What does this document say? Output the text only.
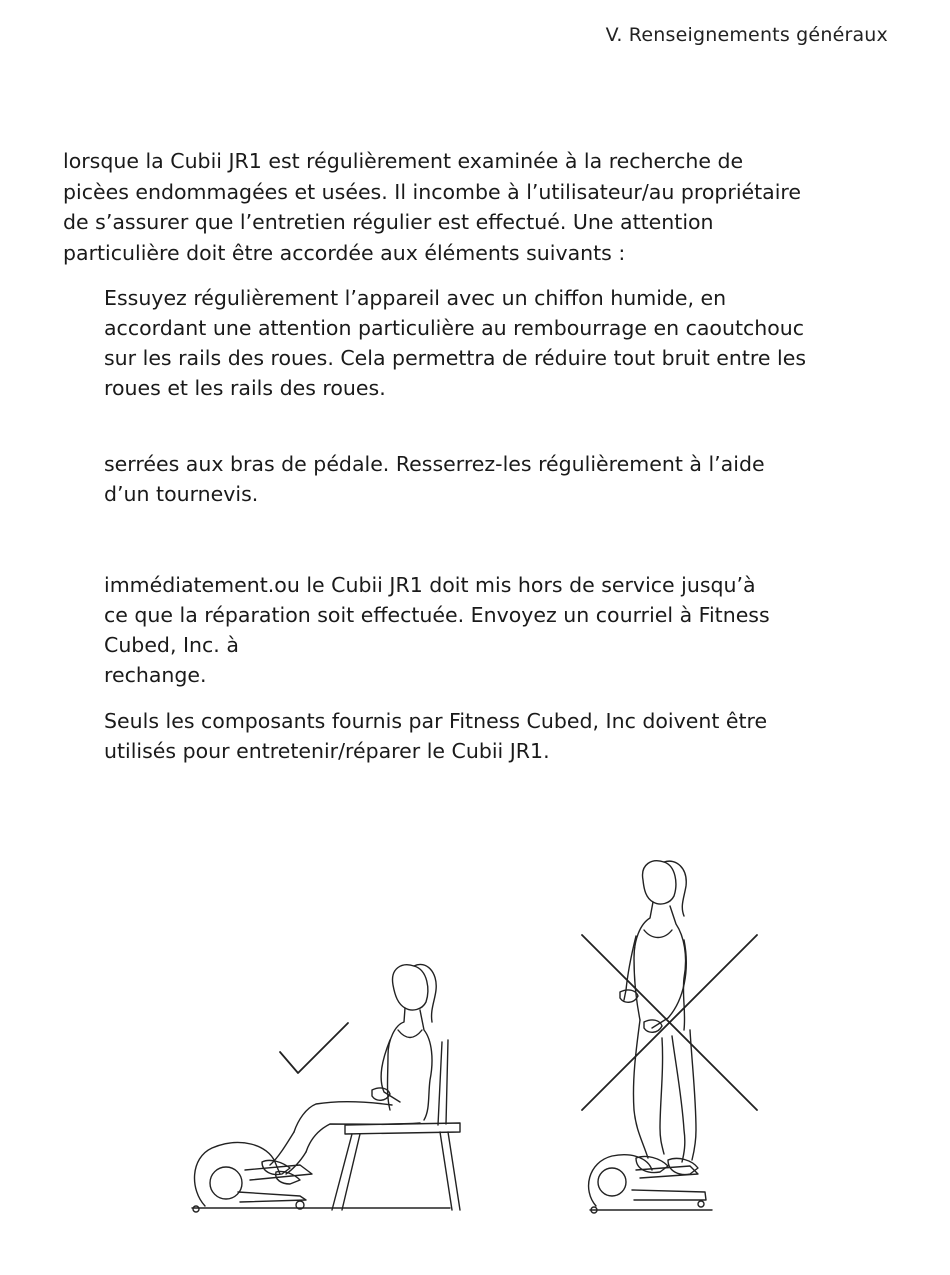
V. Renseignements généraux

lorsque la Cubii JR1 est régulièrement examinée à la recherche de

picèes endommagées et usées. Il incombe à l’utilisateur/au propriétaire

de s’assurer que l’entretien régulier est effectué. Une attention

particulière doit être accordée aux éléments suivants :

Essuyez régulièrement l’appareil avec un chiffon humide, en

accordant une attention particulière au rembourrage en caoutchouc

sur les rails des roues. Cela permettra de réduire tout bruit entre les

roues et les rails des roues.

serrées aux bras de pédale. Resserrez-les régulièrement à l’aide

d’un tournevis.

immédiatement.ou le Cubii JR1 doit mis hors de service jusqu’à

ce que la réparation soit effectuée. Envoyez un courriel à Fitness

Cubed, Inc. à

rechange.

Seuls les composants fournis par Fitness Cubed, Inc doivent être

utilisés pour entretenir/réparer le Cubii JR1.
